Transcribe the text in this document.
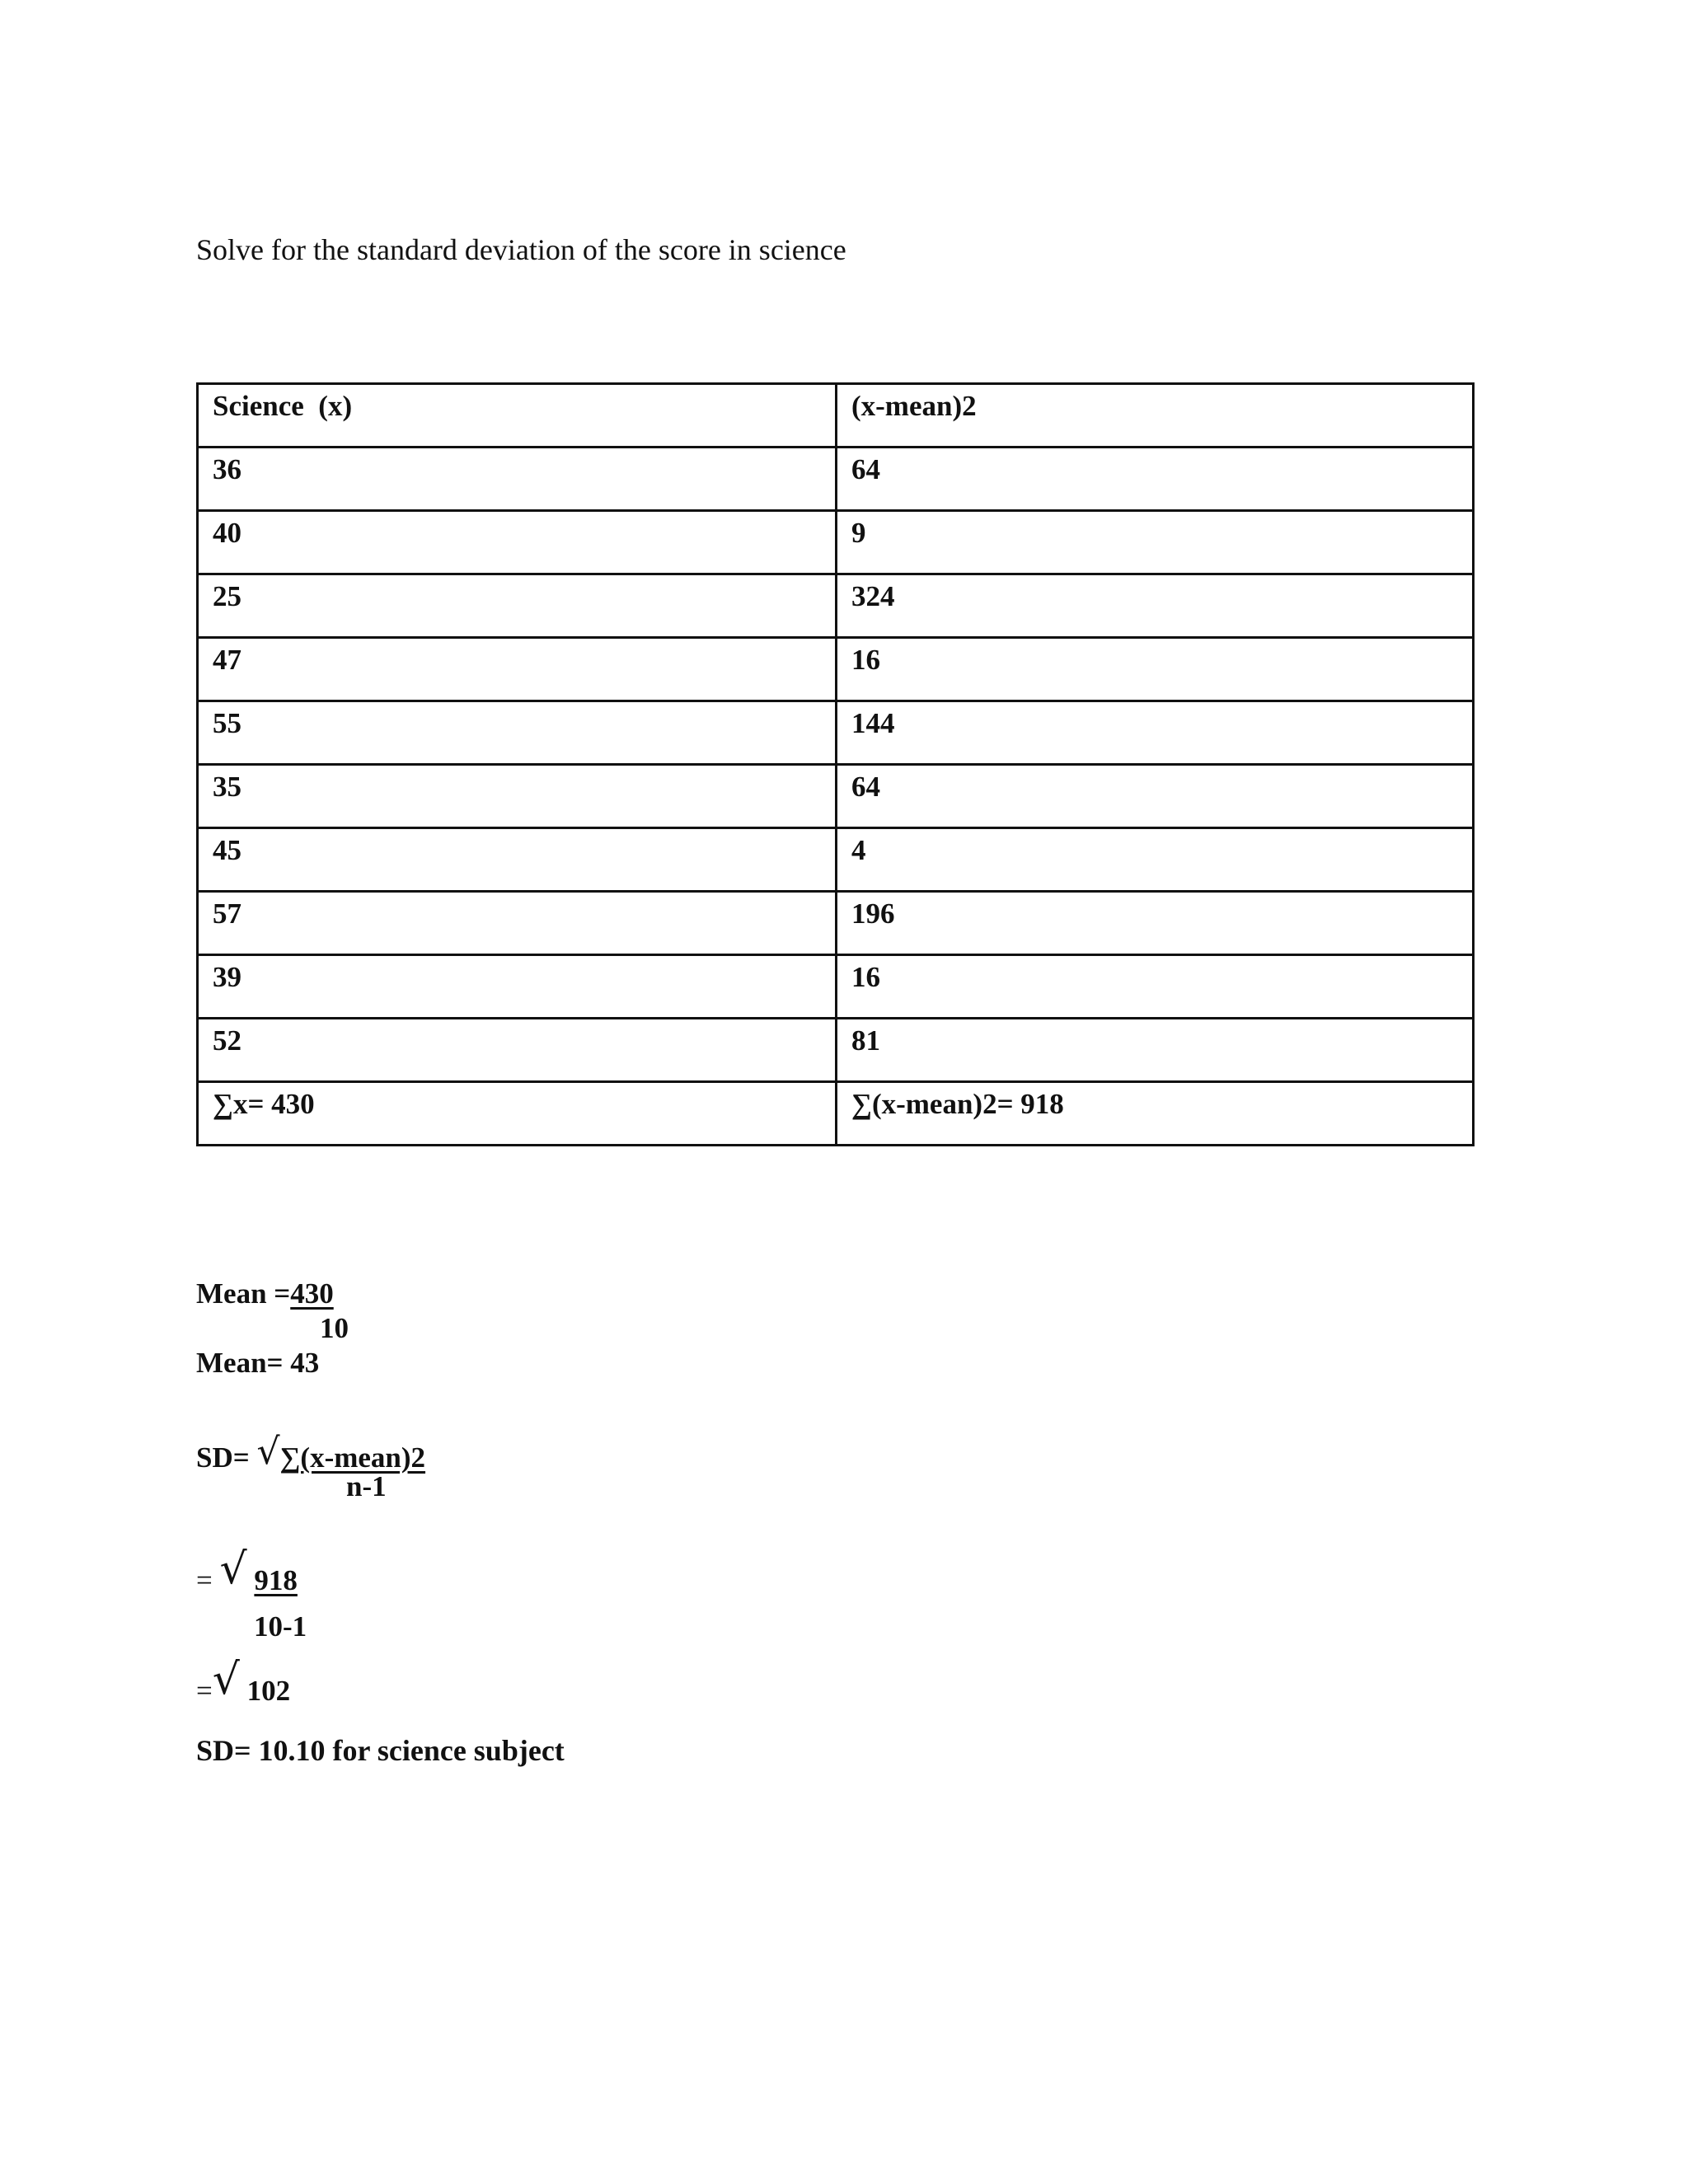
Solve for the standard deviation of the score in science
Science  (x)	(x-mean)2

36	64

40	9

25	324

47	16

55	144

35	64

45	4

57	196

39	16

52	81

∑x= 430	∑(x-mean)2= 918
Mean =430
10
Mean= 43
SD= √∑(x-mean)2
n-1
= √ 918
10-1
=√ 102
SD= 10.10 for science subject
